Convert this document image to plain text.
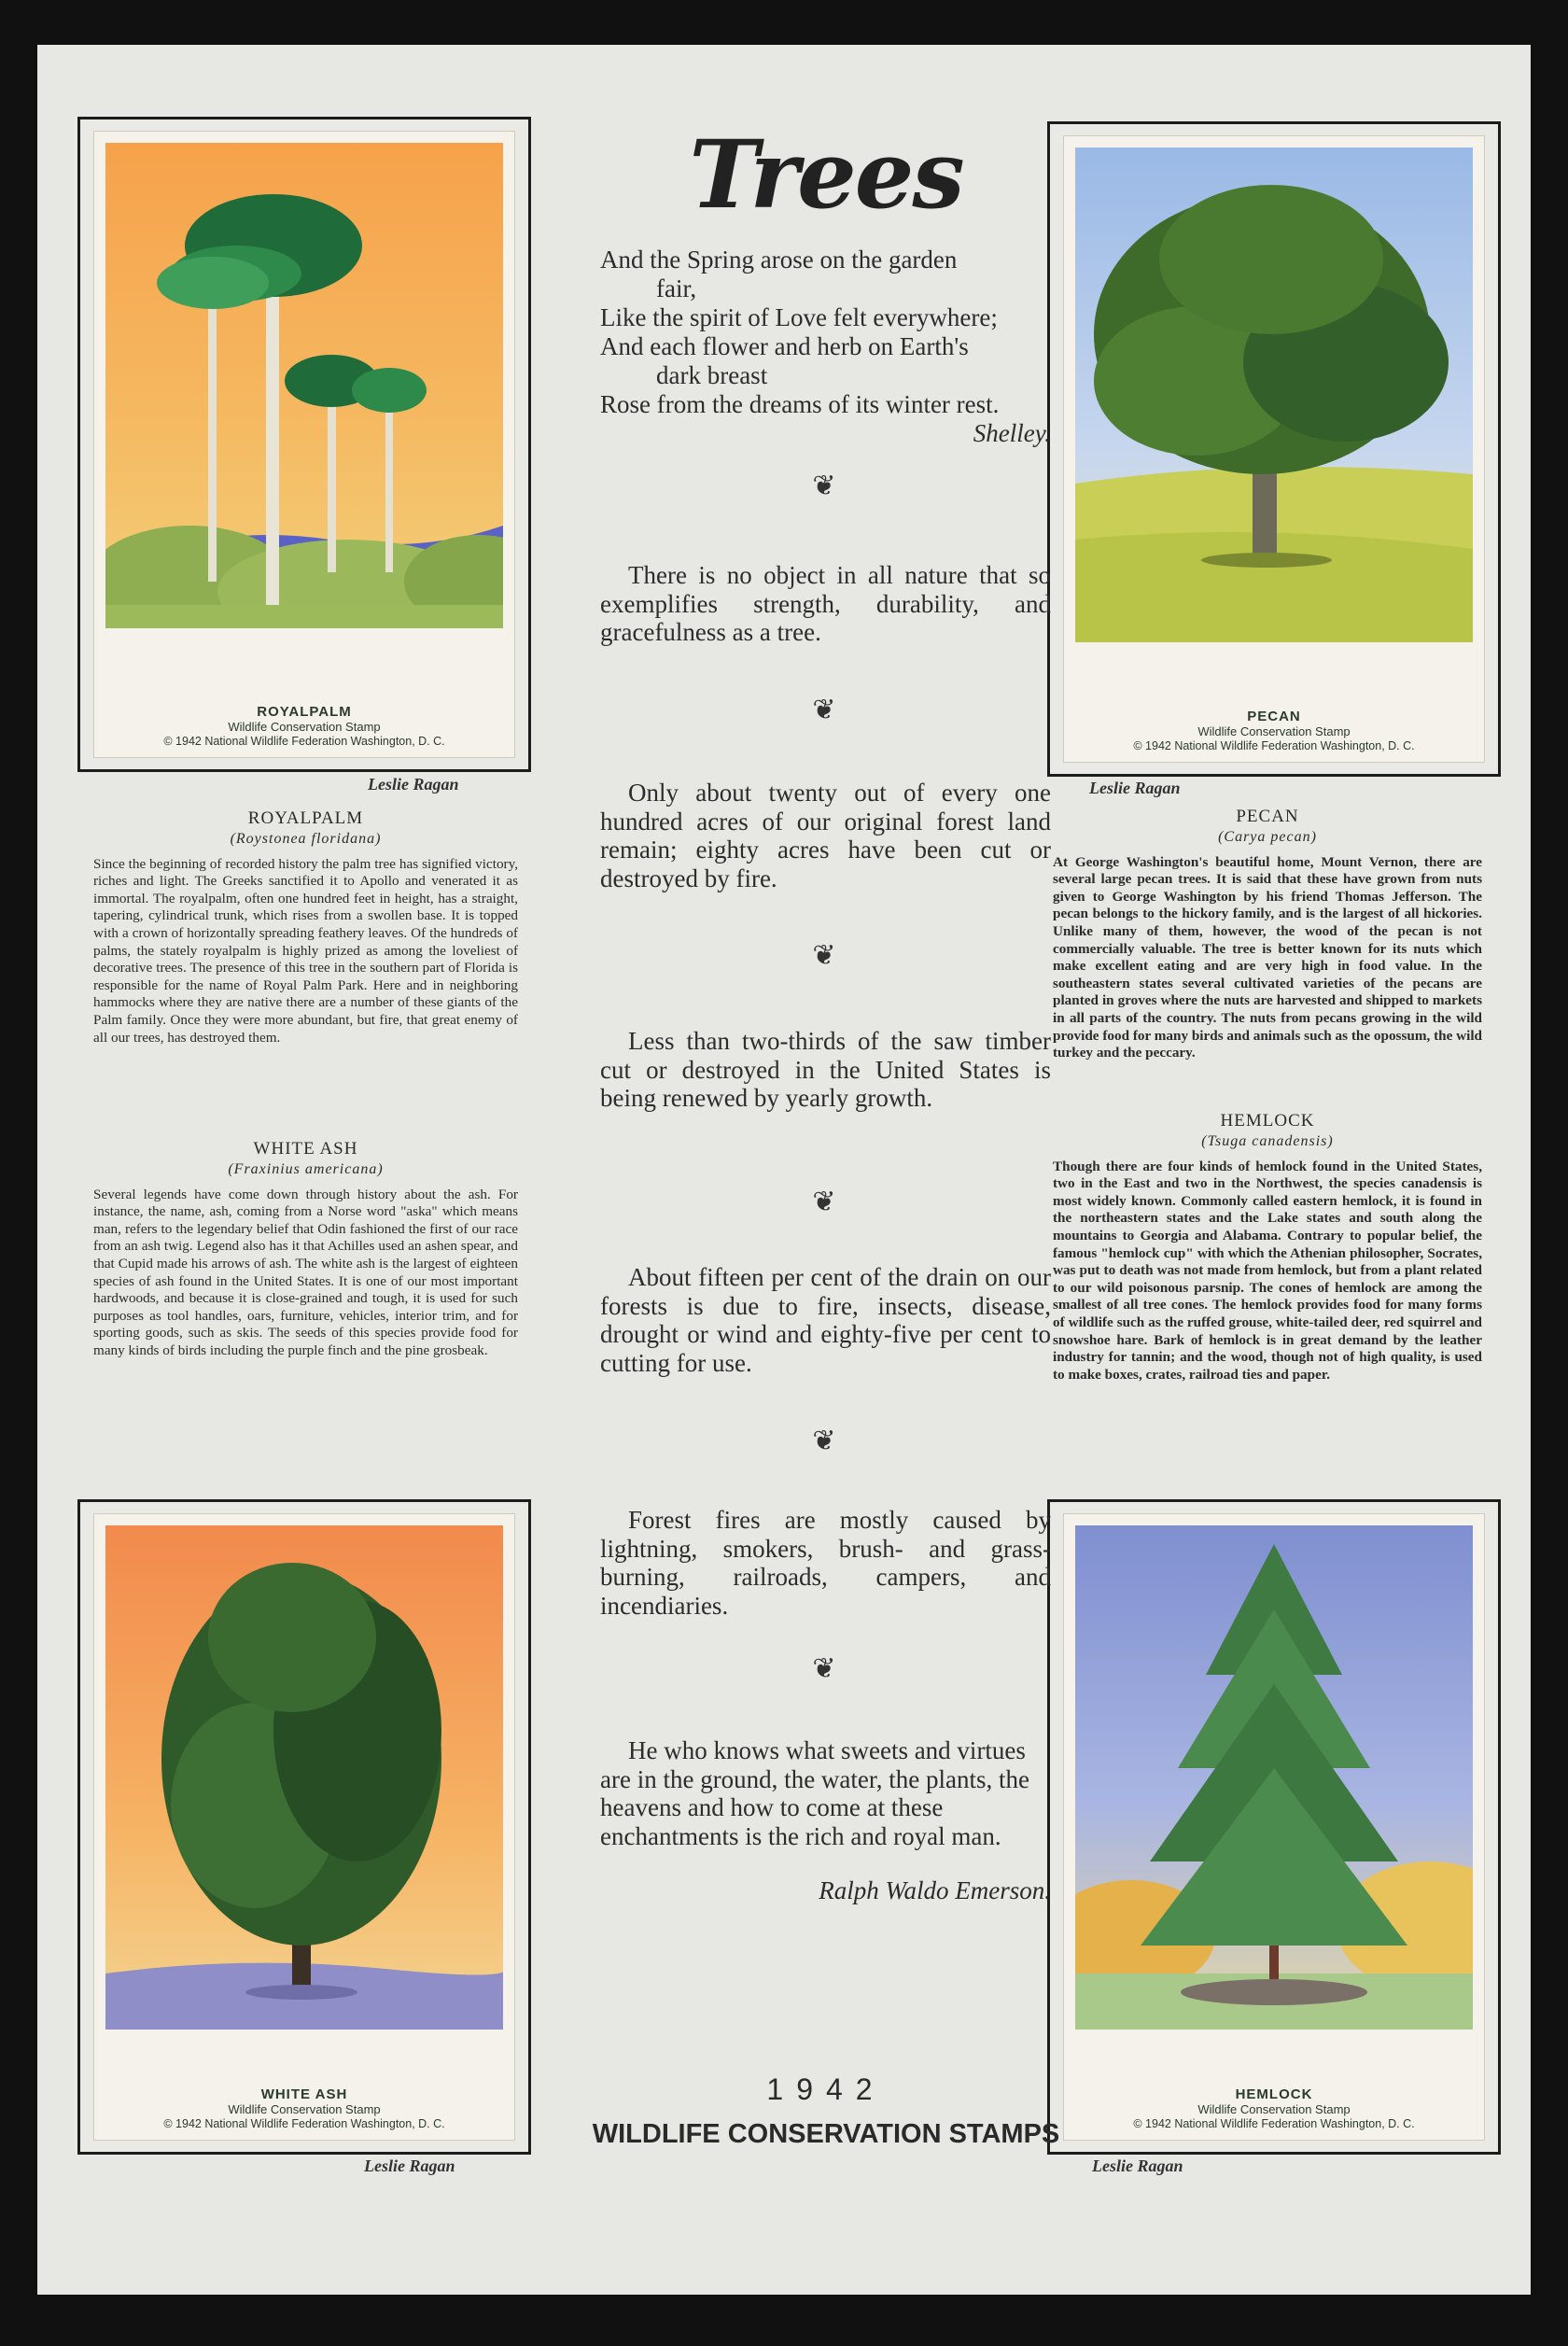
ROYALPALM
Wildlife Conservation Stamp
© 1942 National Wildlife Federation Washington, D. C.
Leslie Ragan
PECAN
Wildlife Conservation Stamp
© 1942 National Wildlife Federation Washington, D. C.
Leslie Ragan
WHITE ASH
Wildlife Conservation Stamp
© 1942 National Wildlife Federation Washington, D. C.
Leslie Ragan
HEMLOCK
Wildlife Conservation Stamp
© 1942 National Wildlife Federation Washington, D. C.
Leslie Ragan
ROYALPALM
(Roystonea floridana)

Since the beginning of recorded history the palm tree has signified victory, riches and light. The Greeks sanctified it to Apollo and venerated it as immortal. The royalpalm, often one hundred feet in height, has a straight, tapering, cylindrical trunk, which rises from a swollen base. It is topped with a crown of horizontally spreading feathery leaves. Of the hundreds of palms, the stately royalpalm is highly prized as among the loveliest of decorative trees. The presence of this tree in the southern part of Florida is responsible for the name of Royal Palm Park. Here and in neighboring hammocks where they are native there are a number of these giants of the Palm family. Once they were more abundant, but fire, that great enemy of all our trees, has destroyed them.

WHITE ASH
(Fraxinius americana)

Several legends have come down through history about the ash. For instance, the name, ash, coming from a Norse word "aska" which means man, refers to the legendary belief that Odin fashioned the first of our race from an ash twig. Legend also has it that Achilles used an ashen spear, and that Cupid made his arrows of ash. The white ash is the largest of eighteen species of ash found in the United States. It is one of our most important hardwoods, and because it is close-grained and tough, it is used for such purposes as tool handles, oars, furniture, vehicles, interior trim, and for sporting goods, such as skis. The seeds of this species provide food for many kinds of birds including the purple finch and the pine grosbeak.

PECAN
(Carya pecan)

At George Washington's beautiful home, Mount Vernon, there are several large pecan trees. It is said that these have grown from nuts given to George Washington by his friend Thomas Jefferson. The pecan belongs to the hickory family, and is the largest of all hickories. Unlike many of them, however, the wood of the pecan is not commercially valuable. The tree is better known for its nuts which make excellent eating and are very high in food value. In the southeastern states several cultivated varieties of the pecans are planted in groves where the nuts are harvested and shipped to markets in all parts of the country. The nuts from pecans growing in the wild provide food for many birds and animals such as the opossum, the wild turkey and the peccary.

HEMLOCK
(Tsuga canadensis)

Though there are four kinds of hemlock found in the United States, two in the East and two in the Northwest, the species canadensis is most widely known. Commonly called eastern hemlock, it is found in the northeastern states and the Lake states and south along the mountains to Georgia and Alabama. Contrary to popular belief, the famous "hemlock cup" with which the Athenian philosopher, Socrates, was put to death was not made from hemlock, but from a plant related to our wild poisonous parsnip. The cones of hemlock are among the smallest of all tree cones. The hemlock provides food for many forms of wildlife such as the ruffed grouse, white-tailed deer, red squirrel and snowshoe hare. Bark of hemlock is in great demand by the leather industry for tannin; and the wood, though not of high quality, is used to make boxes, crates, railroad ties and paper.

Trees
And the Spring arose on the garden
fair,
Like the spirit of Love felt everywhere;
And each flower and herb on Earth's
dark breast
Rose from the dreams of its winter rest.
Shelley.
❦
There is no object in all nature that so exemplifies strength, durability, and gracefulness as a tree.
❦
Only about twenty out of every one hundred acres of our original forest land remain; eighty acres have been cut or destroyed by fire.
❦
Less than two-thirds of the saw timber cut or destroyed in the United States is being renewed by yearly growth.
❦
About fifteen per cent of the drain on our forests is due to fire, insects, disease, drought or wind and eighty-five per cent to cutting for use.
❦
Forest fires are mostly caused by lightning, smokers, brush- and grass-burning, railroads, campers, and incendiaries.
❦
He who knows what sweets and virtues are in the ground, the water, the plants, the heavens and how to come at these enchantments is the rich and royal man.
Ralph Waldo Emerson.
1942
WILDLIFE CONSERVATION STAMPS
